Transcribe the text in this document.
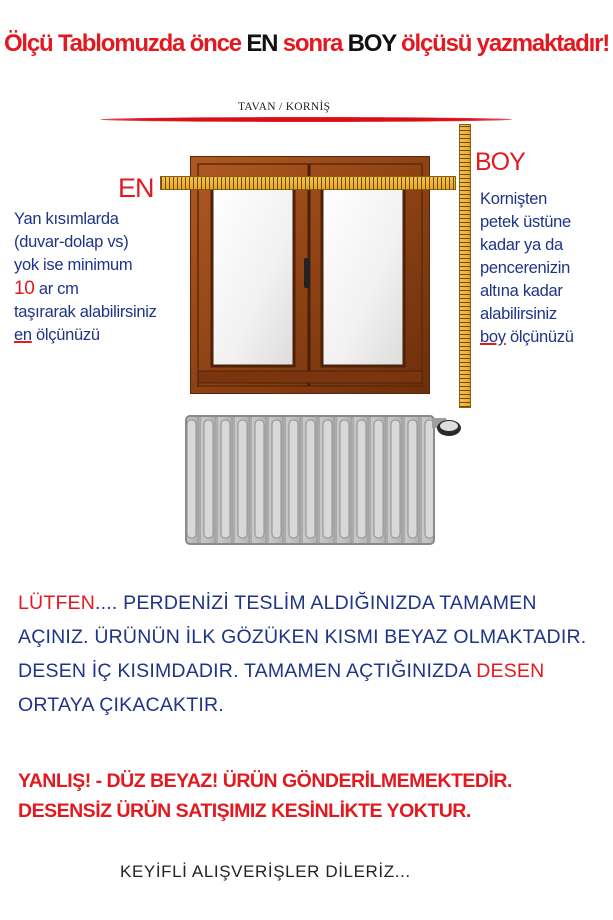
Ölçü Tablomuzda önce EN sonra BOY ölçüsü yazmaktadır!
TAVAN / KORNİŞ
EN
BOY
Yan kısımlarda
(duvar-dolap vs)
yok ise minimum
10 ar cm
taşırarak alabilirsiniz
en ölçünüzü
Kornişten
petek üstüne
kadar ya da
pencerenizin
altına kadar
alabilirsiniz
boy ölçünüzü
LÜTFEN.... PERDENİZİ TESLİM ALDIĞINIZDA TAMAMEN
AÇINIZ. ÜRÜNÜN İLK GÖZÜKEN KISMI BEYAZ OLMAKTADIR.
DESEN İÇ KISIMDADIR. TAMAMEN AÇTIĞINIZDA DESEN
ORTAYA ÇIKACAKTIR.
YANLIŞ! - DÜZ BEYAZ! ÜRÜN GÖNDERİLMEMEKTEDİR.
DESENSİZ ÜRÜN SATIŞIMIZ KESİNLİKTE YOKTUR.
KEYİFLİ ALIŞVERİŞLER DİLERİZ...
